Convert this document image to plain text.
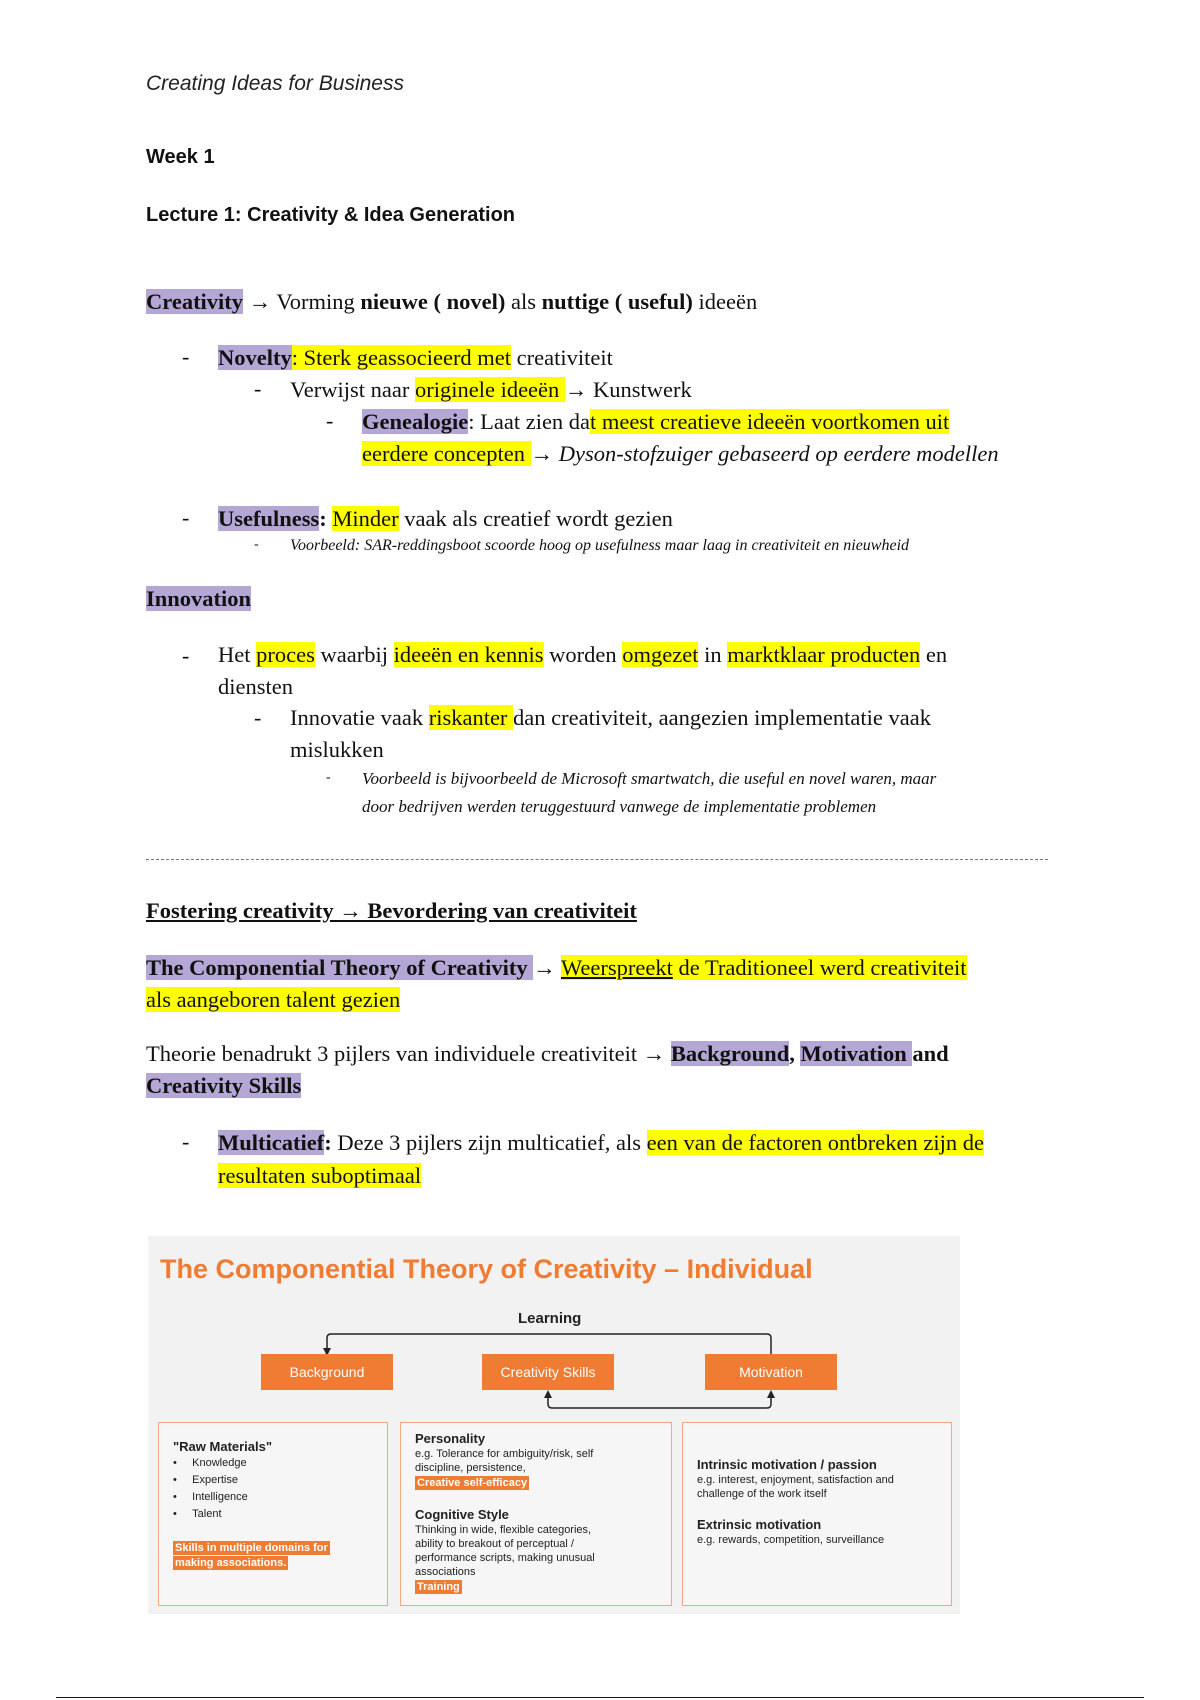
Creating Ideas for Business
Week 1
Lecture 1: Creativity & Idea Generation
Creativity → Vorming nieuwe ( novel) als nuttige ( useful) ideeën
- Novelty: Sterk geassocieerd met creativiteit
- Verwijst naar originele ideeën → Kunstwerk
- Genealogie: Laat zien dat meest creatieve ideeën voortkomen uit
eerdere concepten → Dyson-stofzuiger gebaseerd op eerdere modellen
- Usefulness: Minder vaak als creatief wordt gezien
- Voorbeeld: SAR-reddingsboot scoorde hoog op usefulness maar laag in creativiteit en nieuwheid
Innovation
- Het proces waarbij ideeën en kennis worden omgezet in marktklaar producten en
diensten
- Innovatie vaak riskanter dan creativiteit, aangezien implementatie vaak
mislukken
- Voorbeeld is bijvoorbeeld de Microsoft smartwatch, die useful en novel waren, maar
door bedrijven werden teruggestuurd vanwege de implementatie problemen
Fostering creativity → Bevordering van creativiteit
The Componential Theory of Creativity → Weerspreekt de Traditioneel werd creativiteit
als aangeboren talent gezien
Theorie benadrukt 3 pijlers van individuele creativiteit → Background, Motivation and
Creativity Skills
- Multicatief: Deze 3 pijlers zijn multicatief, als een van de factoren ontbreken zijn de
resultaten suboptimaal
The Componential Theory of Creativity – Individual
Learning
Background	Creativity Skills	Motivation
"Raw Materials"
•     Knowledge
•     Expertise
•     Intelligence
•     Talent
Skills in multiple domains for
making associations.
Personality
e.g. Tolerance for ambiguity/risk, self
discipline, persistence,
Creative self-efficacy
Cognitive Style
Thinking in wide, flexible categories,
ability to breakout of perceptual /
performance scripts, making unusual
associations
Training
Intrinsic motivation / passion
e.g. interest, enjoyment, satisfaction and
challenge of the work itself
Extrinsic motivation
e.g. rewards, competition, surveillance
